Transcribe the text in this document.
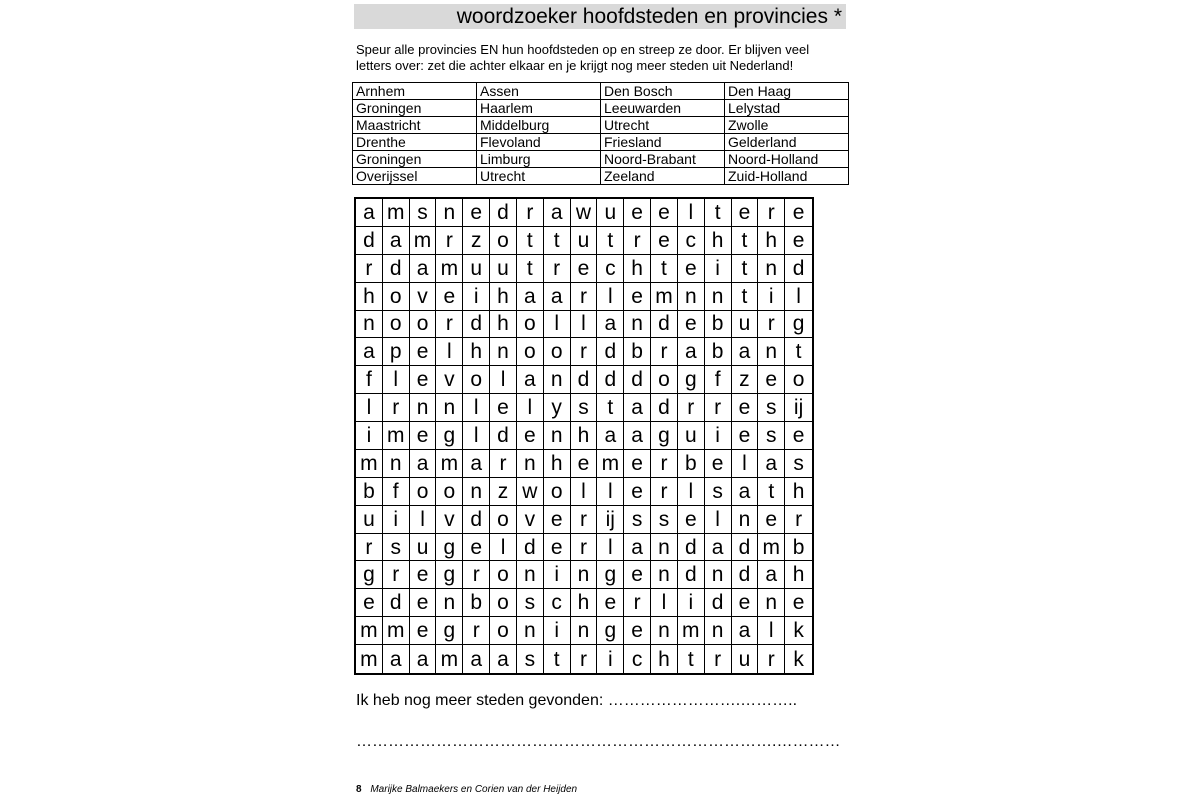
woordzoeker hoofdsteden en provincies *
Speur alle provincies EN hun hoofdsteden op en streep ze door. Er blijven veel
letters over: zet die achter elkaar en je krijgt nog meer steden uit Nederland!
Arnhem	Assen	Den Bosch	Den Haag
Groningen	Haarlem	Leeuwarden	Lelystad
Maastricht	Middelburg	Utrecht	Zwolle
Drenthe	Flevoland	Friesland	Gelderland
Groningen	Limburg	Noord-Brabant	Noord-Holland
Overijssel	Utrecht	Zeeland	Zuid-Holland
a m s n e d r a w u e e l	t e r e
d a m r z o t t u t r e c h t h e
r d a m u u t r e c h t e i	t n d
h o v e i h a a r	l e m n n t	i	l
n o o r d h o l	l a n d e b u r g
a p e l h n o o r d b r a b a n t
f	l e v o l a n d d d o g f z e o
l r n n l e l y s t a d r r e s ij
i m e g l d e n h a a g u i e s e
m n a m a r n h e m e r b e l a s
b f o o n z w o l	l e r	l s a t h
u i	l v d o v e r ij s s e l n e r
r s u g e l d e r	l a n d a d m b
g r e g r o n i n g e n d n d a h
e d e n b o s c h e r l	i d e n e
m m e g r o n i n g e n m n a l k
m a a m a a s t r	i c h t r u r k
Ik heb nog meer steden gevonden: …………………….………..
…………………………………………………………………….…………
8 Marijke Balmaekers en Corien van der Heijden
